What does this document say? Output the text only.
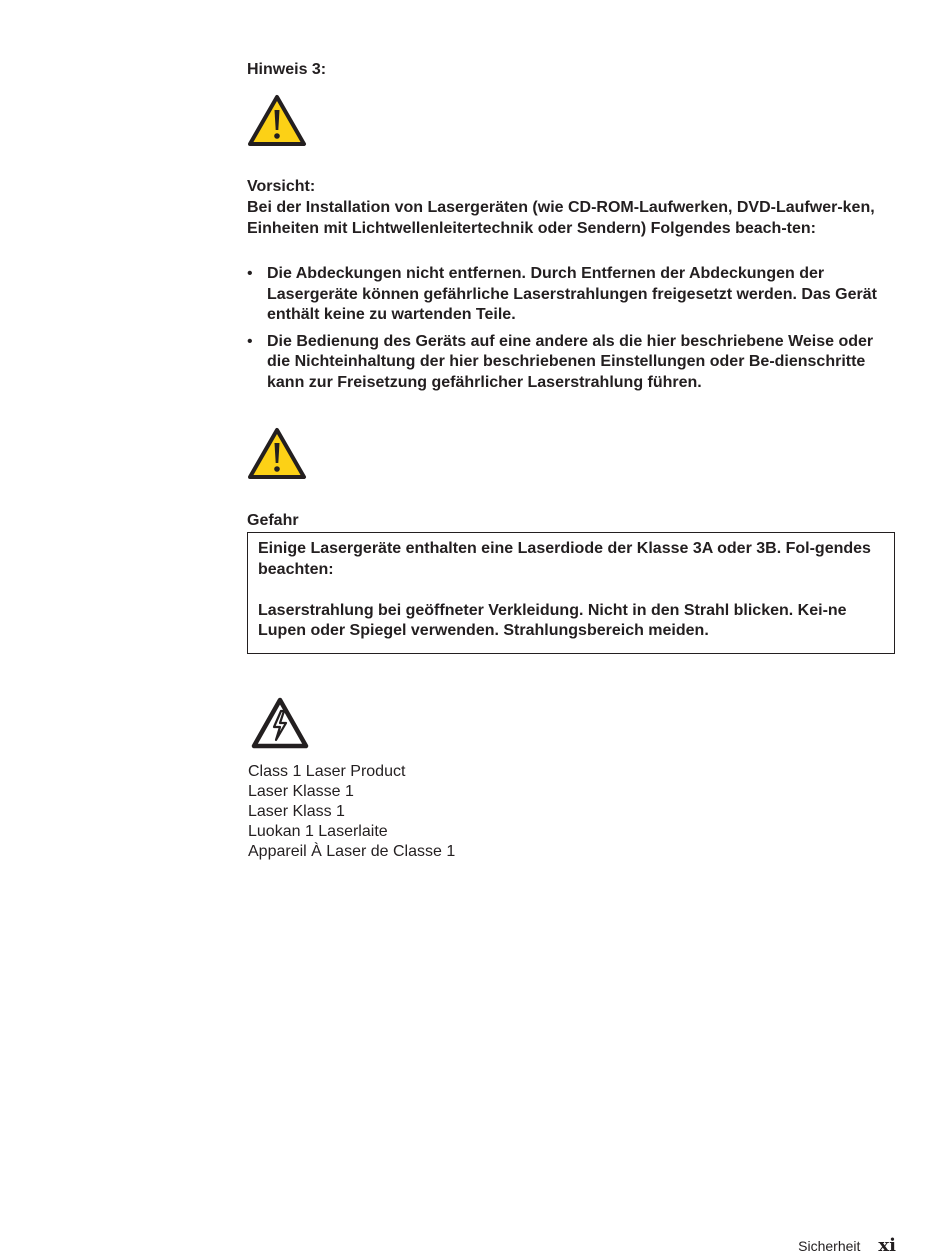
Hinweis 3:
Vorsicht:
Bei der Installation von Lasergeräten (wie CD-ROM-Laufwerken, DVD-Laufwer-ken, Einheiten mit Lichtwellenleitertechnik oder Sendern) Folgendes beach-ten:
• Die Abdeckungen nicht entfernen. Durch Entfernen der Abdeckungen der Lasergeräte können gefährliche Laserstrahlungen freigesetzt werden. Das Gerät enthält keine zu wartenden Teile.
• Die Bedienung des Geräts auf eine andere als die hier beschriebene Weise oder die Nichteinhaltung der hier beschriebenen Einstellungen oder Be-dienschritte kann zur Freisetzung gefährlicher Laserstrahlung führen.
Gefahr

Einige Lasergeräte enthalten eine Laserdiode der Klasse 3A oder 3B. Fol-gendes beachten:

Laserstrahlung bei geöffneter Verkleidung. Nicht in den Strahl blicken. Kei-ne Lupen oder Spiegel verwenden. Strahlungsbereich meiden.

Class 1 Laser Product
Laser Klasse 1
Laser Klass 1
Luokan 1 Laserlaite
Appareil À Laser de Classe 1
Sicherheit xi
